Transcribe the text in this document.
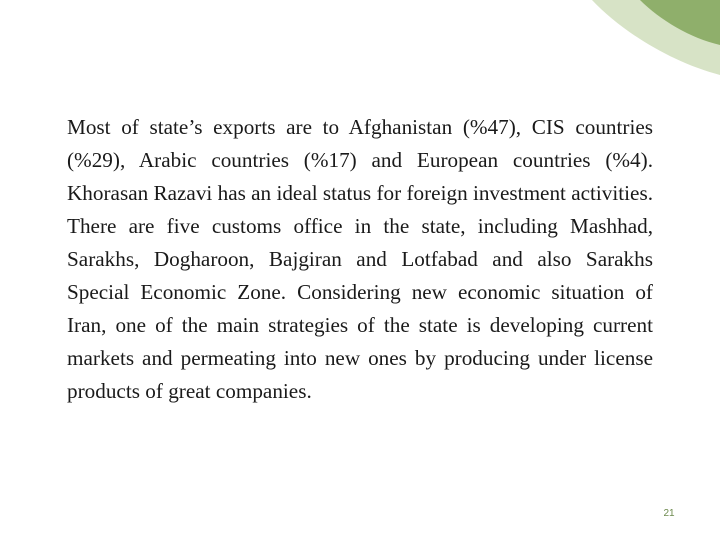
Most of state’s exports are to Afghanistan (%47), CIS countries (%29), Arabic countries (%17) and European countries (%4). Khorasan Razavi has an ideal status for foreign investment activities. There are five customs office in the state, including Mashhad, Sarakhs, Dogharoon, Bajgiran and Lotfabad and also Sarakhs Special Economic Zone. Considering new economic situation of Iran, one of the main strategies of the state is developing current markets and permeating into new ones by producing under license products of great companies.

21
